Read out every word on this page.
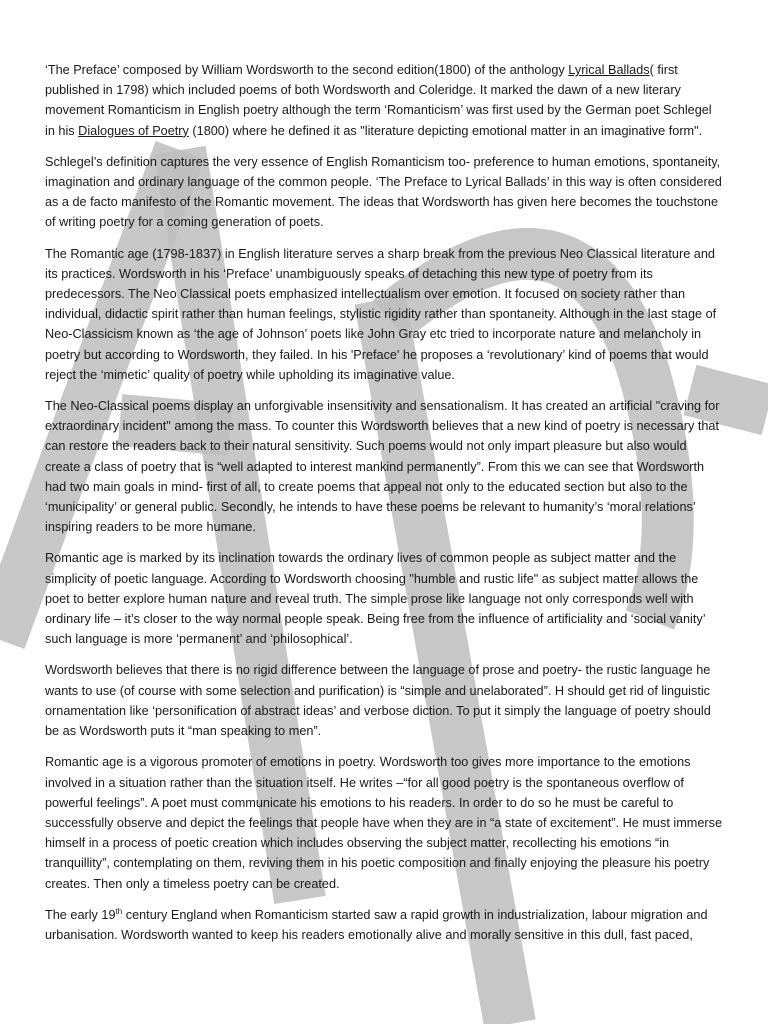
‘The Preface’ composed by William Wordsworth to the second edition(1800) of the anthology Lyrical Ballads( first published in 1798) which included poems of both Wordsworth and Coleridge. It marked the dawn of a new literary movement Romanticism in English poetry although the term ‘Romanticism’ was first used by the German poet Schlegel in his Dialogues of Poetry (1800) where he defined it as "literature depicting emotional matter in an imaginative form".

Schlegel’s definition captures the very essence of English Romanticism too- preference to human emotions, spontaneity, imagination and ordinary language of the common people. ‘The Preface to Lyrical Ballads’ in this way is often considered as a de facto manifesto of the Romantic movement. The ideas that Wordsworth has given here becomes the touchstone of writing poetry for a coming generation of poets.

The Romantic age (1798-1837) in English literature serves a sharp break from the previous Neo Classical literature and its practices. Wordsworth in his ‘Preface’ unambiguously speaks of detaching this new type of poetry from its predecessors. The Neo Classical poets emphasized intellectualism over emotion. It focused on society rather than individual, didactic spirit rather than human feelings, stylistic rigidity rather than spontaneity. Although in the last stage of Neo-Classicism known as ‘the age of Johnson’ poets like John Gray etc tried to incorporate nature and melancholy in poetry but according to Wordsworth, they failed. In his 'Preface' he proposes a ‘revolutionary’ kind of poems that would reject the ‘mimetic’ quality of poetry while upholding its imaginative value.

The Neo-Classical poems display an unforgivable insensitivity and sensationalism. It has created an artificial "craving for extraordinary incident" among the mass. To counter this Wordsworth believes that a new kind of poetry is necessary that can restore the readers back to their natural sensitivity. Such poems would not only impart pleasure but also would create a class of poetry that is “well adapted to interest mankind permanently”. From this we can see that Wordsworth had two main goals in mind- first of all, to create poems that appeal not only to the educated section but also to the ‘municipality’ or general public. Secondly, he intends to have these poems be relevant to humanity’s ‘moral relations’ inspiring readers to be more humane.

Romantic age is marked by its inclination towards the ordinary lives of common people as subject matter and the simplicity of poetic language. According to Wordsworth choosing "humble and rustic life" as subject matter allows the poet to better explore human nature and reveal truth. The simple prose like language not only corresponds well with ordinary life – it’s closer to the way normal people speak. Being free from the influence of artificiality and ‘social vanity’ such language is more ‘permanent’ and ‘philosophical’.

Wordsworth believes that there is no rigid difference between the language of prose and poetry- the rustic language he wants to use (of course with some selection and purification) is “simple and unelaborated”. H should get rid of linguistic ornamentation like ‘personification of abstract ideas’ and verbose diction. To put it simply the language of poetry should be as Wordsworth puts it “man speaking to men”.

Romantic age is a vigorous promoter of emotions in poetry. Wordsworth too gives more importance to the emotions involved in a situation rather than the situation itself. He writes –“for all good poetry is the spontaneous overflow of powerful feelings”. A poet must communicate his emotions to his readers. In order to do so he must be careful to successfully observe and depict the feelings that people have when they are in “a state of excitement”. He must immerse himself in a process of poetic creation which includes observing the subject matter, recollecting his emotions “in tranquillity”, contemplating on them, reviving them in his poetic composition and finally enjoying the pleasure his poetry creates. Then only a timeless poetry can be created.

The early 19th century England when Romanticism started saw a rapid growth in industrialization, labour migration and urbanisation. Wordsworth wanted to keep his readers emotionally alive and morally sensitive in this dull, fast paced,
